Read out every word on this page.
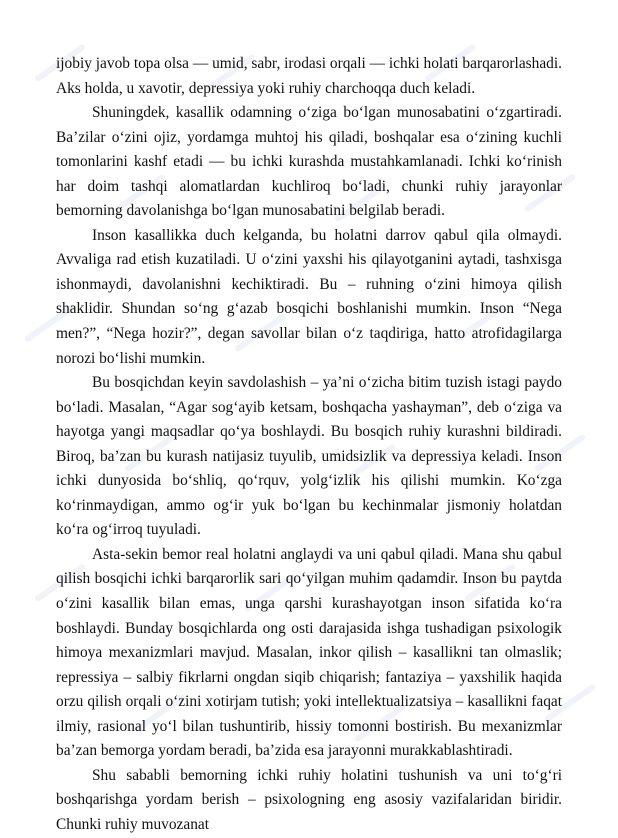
ijobiy javob topa olsa — umid, sabr, irodasi orqali — ichki holati barqarorlashadi. Aks holda, u xavotir, depressiya yoki ruhiy charchoqqa duch keladi.

Shuningdek, kasallik odamning o‘ziga bo‘lgan munosabatini o‘zgartiradi. Ba’zilar o‘zini ojiz, yordamga muhtoj his qiladi, boshqalar esa o‘zining kuchli tomonlarini kashf etadi — bu ichki kurashda mustahkamlanadi. Ichki ko‘rinish har doim tashqi alomatlardan kuchliroq bo‘ladi, chunki ruhiy jarayonlar bemorning davolanishga bo‘lgan munosabatini belgilab beradi.

Inson kasallikka duch kelganda, bu holatni darrov qabul qila olmaydi. Avvaliga rad etish kuzatiladi. U o‘zini yaxshi his qilayotganini aytadi, tashxisga ishonmaydi, davolanishni kechiktiradi. Bu – ruhning o‘zini himoya qilish shaklidir. Shundan so‘ng g‘azab bosqichi boshlanishi mumkin. Inson “Nega men?”, “Nega hozir?”, degan savollar bilan o‘z taqdiriga, hatto atrofidagilarga norozi bo‘lishi mumkin.

Bu bosqichdan keyin savdolashish – ya’ni o‘zicha bitim tuzish istagi paydo bo‘ladi. Masalan, “Agar sog‘ayib ketsam, boshqacha yashayman”, deb o‘ziga va hayotga yangi maqsadlar qo‘ya boshlaydi. Bu bosqich ruhiy kurashni bildiradi. Biroq, ba’zan bu kurash natijasiz tuyulib, umidsizlik va depressiya keladi. Inson ichki dunyosida bo‘shliq, qo‘rquv, yolg‘izlik his qilishi mumkin. Ko‘zga ko‘rinmaydigan, ammo og‘ir yuk bo‘lgan bu kechinmalar jismoniy holatdan ko‘ra og‘irroq tuyuladi.

Asta-sekin bemor real holatni anglaydi va uni qabul qiladi. Mana shu qabul qilish bosqichi ichki barqarorlik sari qo‘yilgan muhim qadamdir. Inson bu paytda o‘zini kasallik bilan emas, unga qarshi kurashayotgan inson sifatida ko‘ra boshlaydi. Bunday bosqichlarda ong osti darajasida ishga tushadigan psixologik himoya mexanizmlari mavjud. Masalan, inkor qilish – kasallikni tan olmaslik; repressiya – salbiy fikrlarni ongdan siqib chiqarish; fantaziya – yaxshilik haqida orzu qilish orqali o‘zini xotirjam tutish; yoki intellektualizatsiya – kasallikni faqat ilmiy, rasional yo‘l bilan tushuntirib, hissiy tomonni bostirish. Bu mexanizmlar ba’zan bemorga yordam beradi, ba’zida esa jarayonni murakkablashtiradi.

Shu sababli bemorning ichki ruhiy holatini tushunish va uni to‘g‘ri boshqarishga yordam berish – psixologning eng asosiy vazifalaridan biridir. Chunki ruhiy muvozanat
